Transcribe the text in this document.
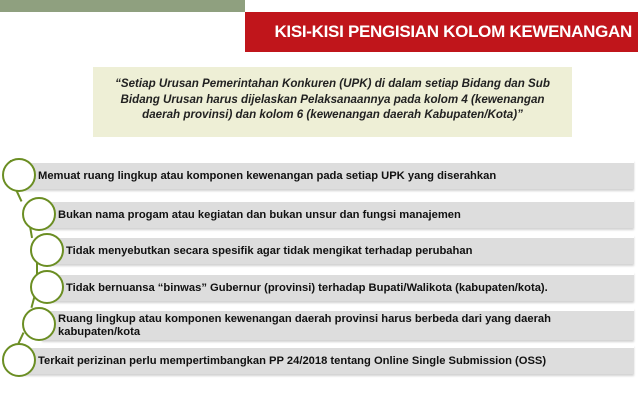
KISI-KISI PENGISIAN KOLOM KEWENANGAN
“Setiap Urusan Pemerintahan Konkuren (UPK) di dalam setiap Bidang dan Sub Bidang Urusan harus dijelaskan Pelaksanaannya pada kolom 4 (kewenangan daerah provinsi) dan kolom 6 (kewenangan daerah Kabupaten/Kota)”
Memuat ruang lingkup atau komponen kewenangan pada setiap UPK yang diserahkan
Bukan nama progam atau kegiatan dan bukan unsur dan fungsi manajemen
Tidak menyebutkan secara spesifik agar tidak mengikat terhadap perubahan
Tidak bernuansa “binwas” Gubernur (provinsi) terhadap Bupati/Walikota (kabupaten/kota).
Ruang lingkup atau komponen kewenangan daerah provinsi harus berbeda dari yang daerah kabupaten/kota
Terkait perizinan perlu mempertimbangkan PP 24/2018 tentang Online Single Submission (OSS)
